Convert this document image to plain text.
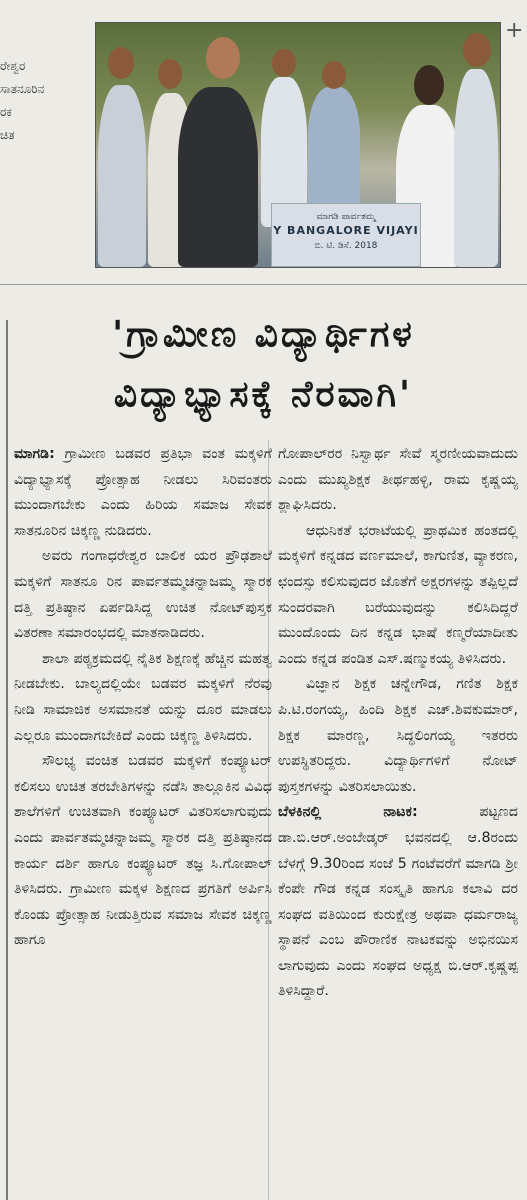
ರೇಶ್ವರ
ಸಾತನೂರಿನ
ರಕ
ಚಿತ
+
ಮಾಗಡಿ ಪಾರ್ವತಮ್ಮ
Y BANGALORE VIJAYI
ಬಿ. ಟಿ. ಡಿಸೆ. 2018
'ಗ್ರಾಮೀಣ ವಿದ್ಯಾರ್ಥಿಗಳ
ವಿದ್ಯಾಭ್ಯಾಸಕ್ಕೆ ನೆರವಾಗಿ'

ಮಾಗಡಿ: ಗ್ರಾಮೀಣ ಬಡವರ ಪ್ರತಿಭಾ ವಂತ ಮಕ್ಕಳಿಗೆ ವಿದ್ಯಾಭ್ಯಾಸಕ್ಕೆ ಪ್ರೋತ್ಸಾಹ ನೀಡಲು ಸಿರಿವಂತರು ಮುಂದಾಗಬೇಕು ಎಂದು ಹಿರಿಯ ಸಮಾಜ ಸೇವಕ ಸಾತನೂರಿನ ಚಿಕ್ಕಣ್ಣ ನುಡಿದರು.

ಅವರು ಗಂಗಾಧರೇಶ್ವರ ಬಾಲಿಕ ಯರ ಪ್ರೌಢಶಾಲೆ ಮಕ್ಕಳಿಗೆ ಸಾತನೂ ರಿನ ಪಾರ್ವತಮ್ಮಚನ್ನಾಜಮ್ಮ ಸ್ಮಾರಕ ದತ್ತಿ ಪ್ರತಿಷ್ಠಾನ ಏರ್ಪಡಿಸಿದ್ದ ಉಚಿತ ನೋಟ್‌ಪುಸ್ತಕ ವಿತರಣಾ ಸಮಾರಂಭದಲ್ಲಿ ಮಾತನಾಡಿದರು.

ಶಾಲಾ ಪಠ್ಯಕ್ರಮದಲ್ಲಿ ನೈತಿಕ ಶಿಕ್ಷಣಕ್ಕೆ ಹೆಚ್ಚಿನ ಮಹತ್ವ ನೀಡಬೇಕು. ಬಾಲ್ಯದಲ್ಲಿಯೇ ಬಡವರ ಮಕ್ಕಳಿಗೆ ನೆರವು ನೀಡಿ ಸಾಮಾಜಿಕ ಅಸಮಾನತೆ ಯನ್ನು ದೂರ ಮಾಡಲು ಎಲ್ಲರೂ ಮುಂದಾಗಬೇಕಿದೆ ಎಂದು ಚಿಕ್ಕಣ್ಣ ತಿಳಿಸಿದರು.

ಸೌಲಭ್ಯ ವಂಚಿತ ಬಡವರ ಮಕ್ಕಳಿಗೆ ಕಂಪ್ಯೂಟರ್ ಕಲಿಸಲು ಉಚಿತ ತರಬೇತಿಗಳನ್ನು ನಡೆಸಿ ತಾಲ್ಲೂಕಿನ ವಿವಿಧ ಶಾಲೆಗಳಿಗೆ ಉಚಿತವಾಗಿ ಕಂಪ್ಯೂಟರ್ ವಿತರಿಸಲಾಗುವುದು ಎಂದು ಪಾರ್ವತಮ್ಮಚನ್ನಾಜಮ್ಮ ಸ್ಮಾರಕ ದತ್ತಿ ಪ್ರತಿಷ್ಠಾನದ ಕಾರ್ಯ ದರ್ಶಿ ಹಾಗೂ ಕಂಪ್ಯೂಟರ್ ತಜ್ಞ ಸಿ.ಗೋಪಾಲ್ ತಿಳಿಸಿದರು. ಗ್ರಾಮೀಣ ಮಕ್ಕಳ ಶಿಕ್ಷಣದ ಪ್ರಗತಿಗೆ ಅರ್ಪಿಸಿ ಕೊಂಡು ಪ್ರೋತ್ಸಾಹ ನೀಡುತ್ತಿರುವ ಸಮಾಜ ಸೇವಕ ಚಿಕ್ಕಣ್ಣ ಹಾಗೂ

ಗೋಪಾಲ್‌ರರ ನಿಸ್ವಾರ್ಥ ಸೇವೆ ಸ್ಮರಣೀಯವಾದುದು ಎಂದು ಮುಖ್ಯಶಿಕ್ಷಕ ತೀರ್ಥಹಳ್ಳಿ, ರಾಮ ಕೃಷ್ಣಯ್ಯ ಶ್ಲಾಘಿಸಿದರು.

ಆಧುನಿಕತೆ ಭರಾಟೆಯಲ್ಲಿ ಪ್ರಾಥಮಿಕ ಹಂತದಲ್ಲಿ ಮಕ್ಕಳಿಗೆ ಕನ್ನಡದ ವರ್ಣಮಾಲೆ, ಕಾಗುಣಿತ, ವ್ಯಾಕರಣ, ಛಂದಸ್ಸು ಕಲಿಸುವುದರ ಜೊತೆಗೆ ಅಕ್ಷರಗಳನ್ನು ತಪ್ಪಿಲ್ಲದೆ ಸುಂದರವಾಗಿ ಬರೆಯುವುದನ್ನು ಕಲಿಸಿದಿದ್ದರೆ ಮುಂದೊಂದು ದಿನ ಕನ್ನಡ ಭಾಷೆ ಕಣ್ಮರೆಯಾದೀತು ಎಂದು ಕನ್ನಡ ಪಂಡಿತ ಎಸ್.ಷಣ್ಮುಕಯ್ಯ ತಿಳಿಸಿದರು.

ವಿಜ್ಞಾನ ಶಿಕ್ಷಕ ಚನ್ನೇಗೌಡ, ಗಣಿತ ಶಿಕ್ಷಕ ಪಿ.ಟಿ.ರಂಗಯ್ಯ, ಹಿಂದಿ ಶಿಕ್ಷಕ ಎಚ್.ಶಿವಕುಮಾರ್, ಶಿಕ್ಷಕ ಮಾರಣ್ಣ, ಸಿದ್ಧಲಿಂಗಯ್ಯ ಇತರರು ಉಪಸ್ಥಿತರಿದ್ದರು. ವಿದ್ಯಾರ್ಥಿಗಳಿಗೆ ನೋಟ್ ಪುಸ್ತಕಗಳನ್ನು ವಿತರಿಸಲಾಯಿತು.

ಬೆಳಕಿನಲ್ಲಿ ನಾಟಕ:	ಪಟ್ಟಣದ ಡಾ.ಬಿ.ಆರ್.ಅಂಬೇಡ್ಕರ್ ಭವನದಲ್ಲಿ ಆ.8ರಂದು ಬೆಳಗ್ಗೆ 9.30ರಿಂದ ಸಂಜೆ 5 ಗಂಟೆವರೆಗೆ ಮಾಗಡಿ ಶ್ರೀ ಕೆಂಪೇ ಗೌಡ ಕನ್ನಡ ಸಂಸ್ಕೃತಿ ಹಾಗೂ ಕಲಾವಿ ದರ ಸಂಘದ ವತಿಯಿಂದ ಕುರುಕ್ಷೇತ್ರ ಅಥವಾ ಧರ್ಮರಾಜ್ಯ ಸ್ಥಾಪನೆ ಎಂಬ ಪೌರಾಣಿಕ ನಾಟಕವನ್ನು ಅಭಿನಯಿಸ ಲಾಗುವುದು ಎಂದು ಸಂಘದ ಅಧ್ಯಕ್ಷ ಬಿ.ಆರ್.ಕೃಷ್ಣಪ್ಪ ತಿಳಿಸಿದ್ದಾರೆ.
